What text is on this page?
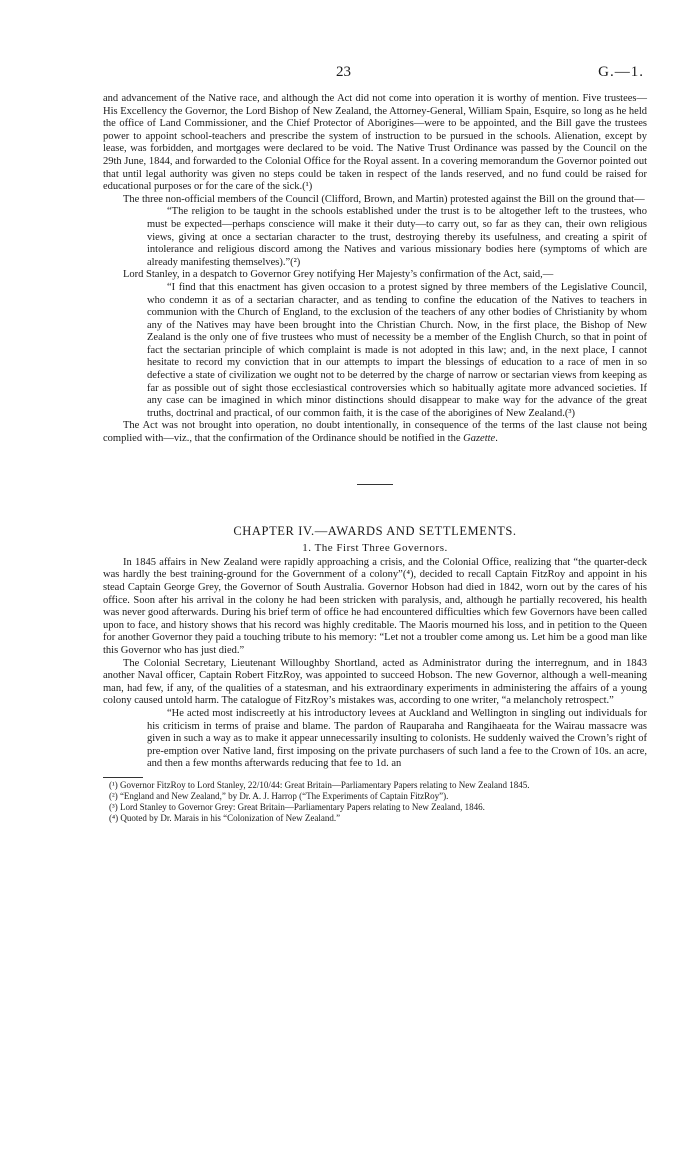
23	G.—1.

and advancement of the Native race, and although the Act did not come into operation it is worthy of mention. Five trustees—His Excellency the Governor, the Lord Bishop of New Zealand, the Attorney-General, William Spain, Esquire, so long as he held the office of Land Commissioner, and the Chief Protector of Aborigines—were to be appointed, and the Bill gave the trustees power to appoint school-teachers and prescribe the system of instruction to be pursued in the schools. Alienation, except by lease, was forbidden, and mortgages were declared to be void. The Native Trust Ordinance was passed by the Council on the 29th June, 1844, and forwarded to the Colonial Office for the Royal assent. In a covering memorandum the Governor pointed out that until legal authority was given no steps could be taken in respect of the lands reserved, and no fund could be raised for educational purposes or for the care of the sick.(¹)

The three non-official members of the Council (Clifford, Brown, and Martin) protested against the Bill on the ground that—

“The religion to be taught in the schools established under the trust is to be altogether left to the trustees, who must be expected—perhaps conscience will make it their duty—to carry out, so far as they can, their own religious views, giving at once a sectarian character to the trust, destroying thereby its usefulness, and creating a spirit of intolerance and religious discord among the Natives and various missionary bodies here (symptoms of which are already manifesting themselves).”(²)

Lord Stanley, in a despatch to Governor Grey notifying Her Majesty’s confirmation of the Act, said,—

“I find that this enactment has given occasion to a protest signed by three members of the Legislative Council, who condemn it as of a sectarian character, and as tending to confine the education of the Natives to teachers in communion with the Church of England, to the exclusion of the teachers of any other bodies of Christianity by whom any of the Natives may have been brought into the Christian Church. Now, in the first place, the Bishop of New Zealand is the only one of five trustees who must of necessity be a member of the English Church, so that in point of fact the sectarian principle of which complaint is made is not adopted in this law; and, in the next place, I cannot hesitate to record my conviction that in our attempts to impart the blessings of education to a race of men in so defective a state of civilization we ought not to be deterred by the charge of narrow or sectarian views from keeping as far as possible out of sight those ecclesiastical controversies which so habitually agitate more advanced societies. If any case can be imagined in which minor distinctions should disappear to make way for the advance of the great truths, doctrinal and practical, of our common faith, it is the case of the aborigines of New Zealand.(³)

The Act was not brought into operation, no doubt intentionally, in consequence of the terms of the last clause not being complied with—viz., that the confirmation of the Ordinance should be notified in the Gazette.

CHAPTER IV.—AWARDS AND SETTLEMENTS.
1. The First Three Governors.

In 1845 affairs in New Zealand were rapidly approaching a crisis, and the Colonial Office, realizing that “the quarter-deck was hardly the best training-ground for the Government of a colony”(⁴), decided to recall Captain FitzRoy and appoint in his stead Captain George Grey, the Governor of South Australia. Governor Hobson had died in 1842, worn out by the cares of his office. Soon after his arrival in the colony he had been stricken with paralysis, and, although he partially recovered, his health was never good afterwards. During his brief term of office he had encountered difficulties which few Governors have been called upon to face, and history shows that his record was highly creditable. The Maoris mourned his loss, and in petition to the Queen for another Governor they paid a touching tribute to his memory: “Let not a troubler come among us. Let him be a good man like this Governor who has just died.”

The Colonial Secretary, Lieutenant Willoughby Shortland, acted as Administrator during the interregnum, and in 1843 another Naval officer, Captain Robert FitzRoy, was appointed to succeed Hobson. The new Governor, although a well-meaning man, had few, if any, of the qualities of a statesman, and his extraordinary experiments in administering the affairs of a young colony caused untold harm. The catalogue of FitzRoy’s mistakes was, according to one writer, “a melancholy retrospect.”

“He acted most indiscreetly at his introductory levees at Auckland and Wellington in singling out individuals for his criticism in terms of praise and blame. The pardon of Rauparaha and Rangihaeata for the Wairau massacre was given in such a way as to make it appear unnecessarily insulting to colonists. He suddenly waived the Crown’s right of pre-emption over Native land, first imposing on the private purchasers of such land a fee to the Crown of 10s. an acre, and then a few months afterwards reducing that fee to 1d. an

(¹) Governor FitzRoy to Lord Stanley, 22/10/44: Great Britain—Parliamentary Papers relating to New Zealand 1845.

(²) “England and New Zealand,” by Dr. A. J. Harrop (“The Experiments of Captain FitzRoy”).

(³) Lord Stanley to Governor Grey: Great Britain—Parliamentary Papers relating to New Zealand, 1846.

(⁴) Quoted by Dr. Marais in his “Colonization of New Zealand.”
